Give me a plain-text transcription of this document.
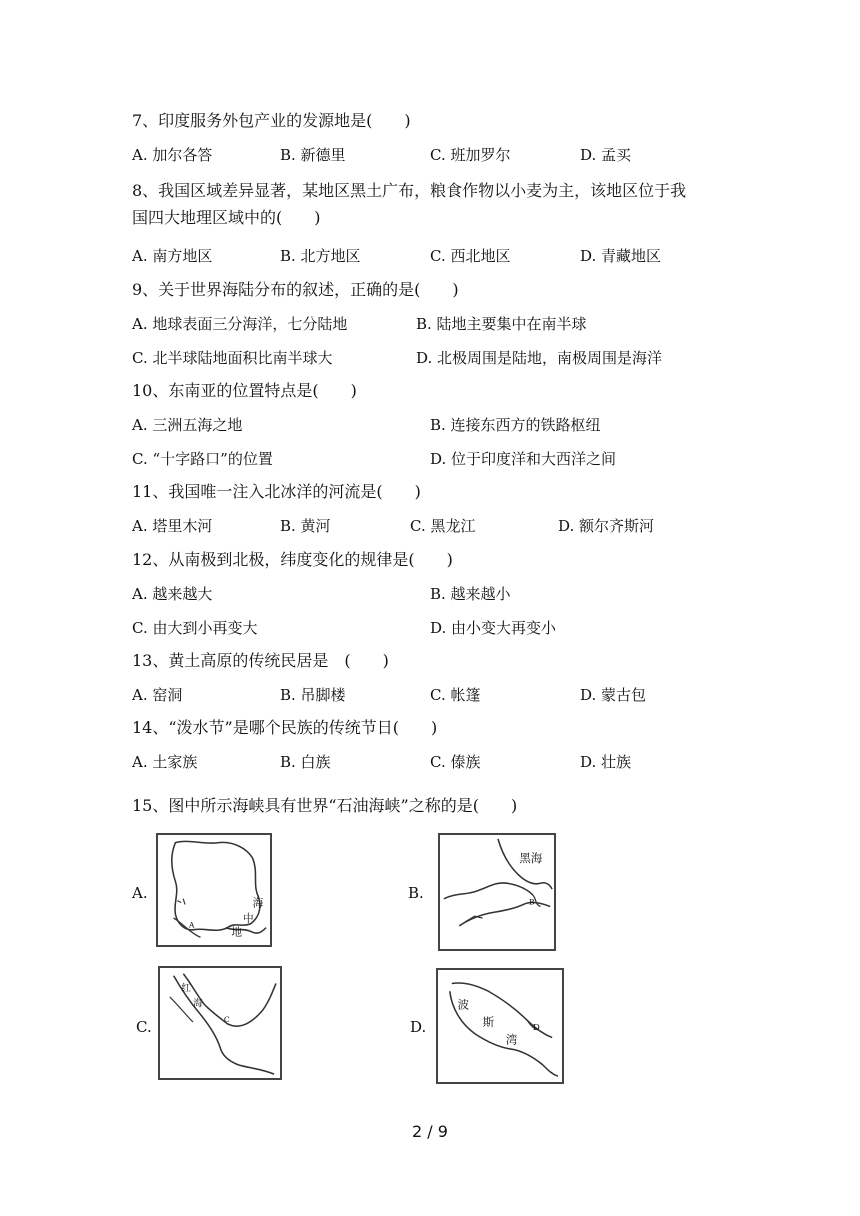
7、印度服务外包产业的发源地是(　　)
A. 加尔各答	B. 新德里	C. 班加罗尔	D. 孟买
8、我国区域差异显著，某地区黑土广布，粮食作物以小麦为主，该地区位于我
国四大地理区域中的(　　)
A. 南方地区	B. 北方地区	C. 西北地区	D. 青藏地区
9、关于世界海陆分布的叙述，正确的是(　　)
A. 地球表面三分海洋，七分陆地	B. 陆地主要集中在南半球
C. 北半球陆地面积比南半球大	D. 北极周围是陆地，南极周围是海洋
10、东南亚的位置特点是(　　)
A. 三洲五海之地	B. 连接东西方的铁路枢纽
C. “十字路口”的位置	D. 位于印度洋和大西洋之间
11、我国唯一注入北冰洋的河流是(　　)
A. 塔里木河	B. 黄河	C. 黑龙江	D. 额尔齐斯河
12、从南极到北极，纬度变化的规律是(　　)
A. 越来越大	B. 越来越小
C. 由大到小再变大	D. 由小变大再变小
13、黄土高原的传统民居是　(　　)
A. 窑洞	B. 吊脚楼	C. 帐篷	D. 蒙古包
14、“泼水节”是哪个民族的传统节日(　　)
A. 土家族	B. 白族	C. 傣族	D. 壮族
15、图中所示海峡具有世界“石油海峡”之称的是(　　)
A.
海
中
地
A
B.
黑海
B
C.
红
海
C	D.
波
斯
湾
D
2 / 9
